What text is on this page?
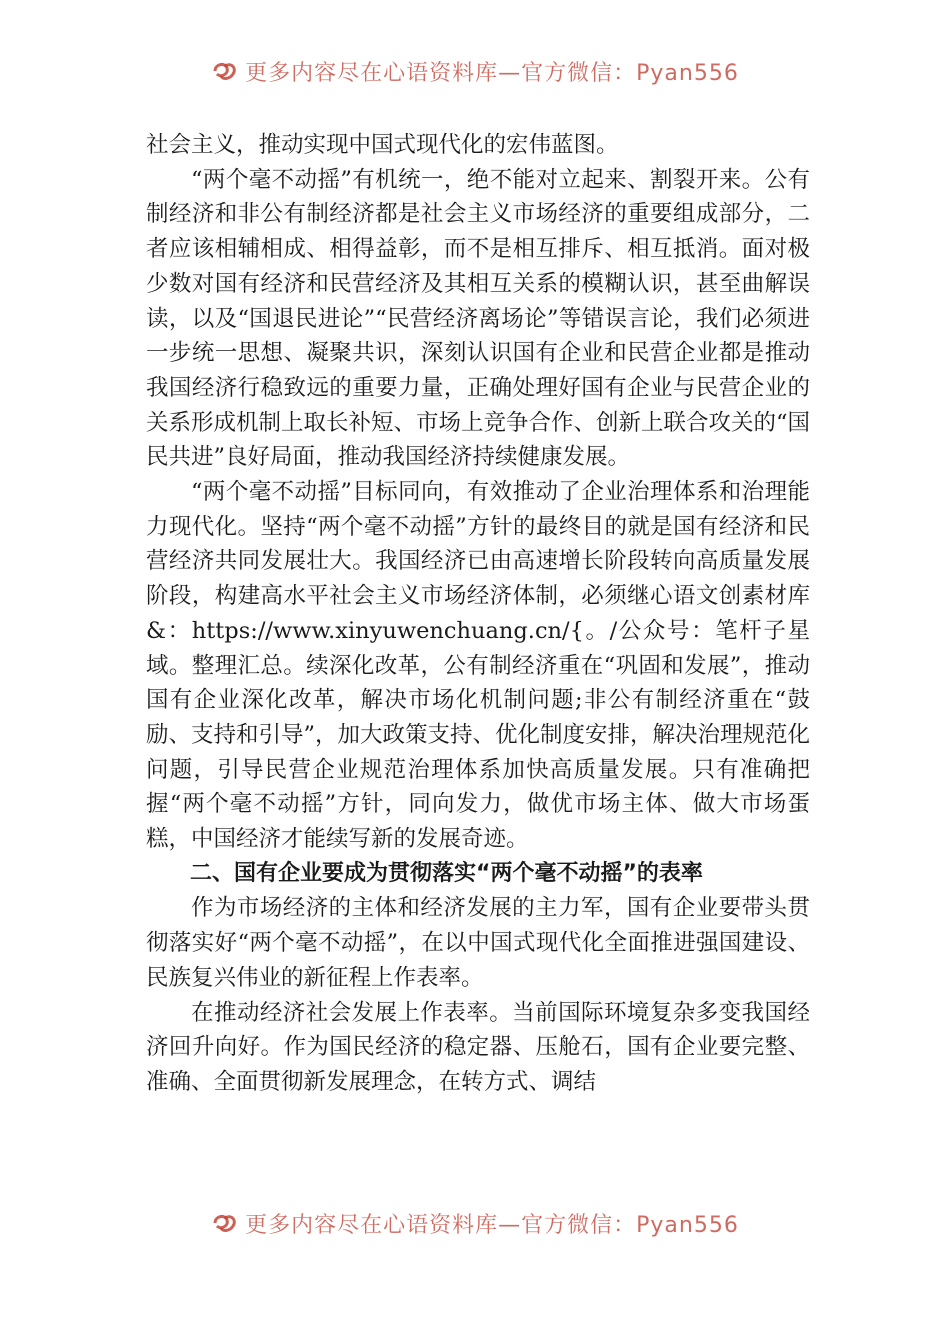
更多内容尽在心语资料库—官方微信：Pyan556

社会主义，推动实现中国式现代化的宏伟蓝图。

“两个毫不动摇”有机统一，绝不能对立起来、割裂开来。公有制经济和非公有制经济都是社会主义市场经济的重要组成部分，二者应该相辅相成、相得益彰，而不是相互排斥、相互抵消。面对极少数对国有经济和民营经济及其相互关系的模糊认识，甚至曲解误读，以及“国退民进论”“民营经济离场论”等错误言论，我们必须进一步统一思想、凝聚共识，深刻认识国有企业和民营企业都是推动我国经济行稳致远的重要力量，正确处理好国有企业与民营企业的关系形成机制上取长补短、市场上竞争合作、创新上联合攻关的“国民共进”良好局面，推动我国经济持续健康发展。

“两个毫不动摇”目标同向，有效推动了企业治理体系和治理能力现代化。坚持“两个毫不动摇”方针的最终目的就是国有经济和民营经济共同发展壮大。我国经济已由高速增长阶段转向高质量发展阶段，构建高水平社会主义市场经济体制，必须继心语文创素材库&：https://www.xinyuwenchuang.cn/{。/公众号：笔杆子星域。整理汇总。续深化改革，公有制经济重在“巩固和发展”，推动国有企业深化改革，解决市场化机制问题;非公有制经济重在“鼓励、支持和引导”，加大政策支持、优化制度安排，解决治理规范化问题，引导民营企业规范治理体系加快高质量发展。只有准确把握“两个毫不动摇”方针，同向发力，做优市场主体、做大市场蛋糕，中国经济才能续写新的发展奇迹。

二、国有企业要成为贯彻落实“两个毫不动摇”的表率

作为市场经济的主体和经济发展的主力军，国有企业要带头贯彻落实好“两个毫不动摇”，在以中国式现代化全面推进强国建设、民族复兴伟业的新征程上作表率。

在推动经济社会发展上作表率。当前国际环境复杂多变我国经济回升向好。作为国民经济的稳定器、压舱石，国有企业要完整、准确、全面贯彻新发展理念，在转方式、调结

更多内容尽在心语资料库—官方微信：Pyan556
